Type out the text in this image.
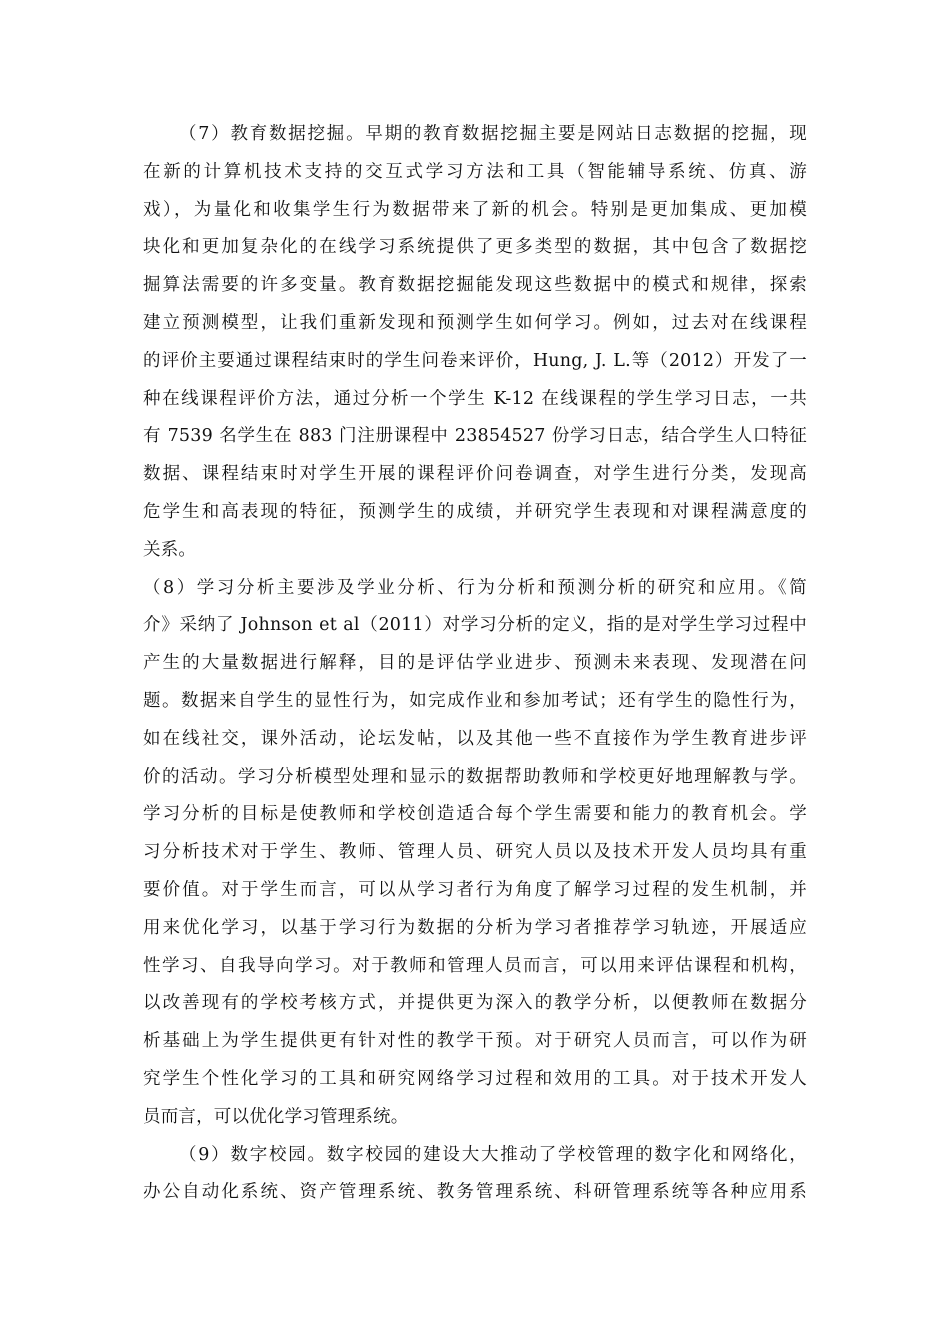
（7）教育数据挖掘。早期的教育数据挖掘主要是网站日志数据的挖掘，现
在新的计算机技术支持的交互式学习方法和工具（智能辅导系统、仿真、游
戏），为量化和收集学生行为数据带来了新的机会。特别是更加集成、更加模
块化和更加复杂化的在线学习系统提供了更多类型的数据，其中包含了数据挖
掘算法需要的许多变量。教育数据挖掘能发现这些数据中的模式和规律，探索
建立预测模型，让我们重新发现和预测学生如何学习。例如，过去对在线课程
的评价主要通过课程结束时的学生问卷来评价，Hung, J. L.等（2012）开发了一
种在线课程评价方法，通过分析一个学生 K-12 在线课程的学生学习日志，一共
有 7539 名学生在 883 门注册课程中 23854527 份学习日志，结合学生人口特征
数据、课程结束时对学生开展的课程评价问卷调查，对学生进行分类，发现高
危学生和高表现的特征，预测学生的成绩，并研究学生表现和对课程满意度的
关系。
（8）学习分析主要涉及学业分析、行为分析和预测分析的研究和应用。《简
介》采纳了 Johnson et al（2011）对学习分析的定义，指的是对学生学习过程中
产生的大量数据进行解释，目的是评估学业进步、预测未来表现、发现潜在问
题。数据来自学生的显性行为，如完成作业和参加考试；还有学生的隐性行为，
如在线社交，课外活动，论坛发帖，以及其他一些不直接作为学生教育进步评
价的活动。学习分析模型处理和显示的数据帮助教师和学校更好地理解教与学。
学习分析的目标是使教师和学校创造适合每个学生需要和能力的教育机会。学
习分析技术对于学生、教师、管理人员、研究人员以及技术开发人员均具有重
要价值。对于学生而言，可以从学习者行为角度了解学习过程的发生机制，并
用来优化学习，以基于学习行为数据的分析为学习者推荐学习轨迹，开展适应
性学习、自我导向学习。对于教师和管理人员而言，可以用来评估课程和机构，
以改善现有的学校考核方式，并提供更为深入的教学分析，以便教师在数据分
析基础上为学生提供更有针对性的教学干预。对于研究人员而言，可以作为研
究学生个性化学习的工具和研究网络学习过程和效用的工具。对于技术开发人
员而言，可以优化学习管理系统。
（9）数字校园。数字校园的建设大大推动了学校管理的数字化和网络化，
办公自动化系统、资产管理系统、教务管理系统、科研管理系统等各种应用系
